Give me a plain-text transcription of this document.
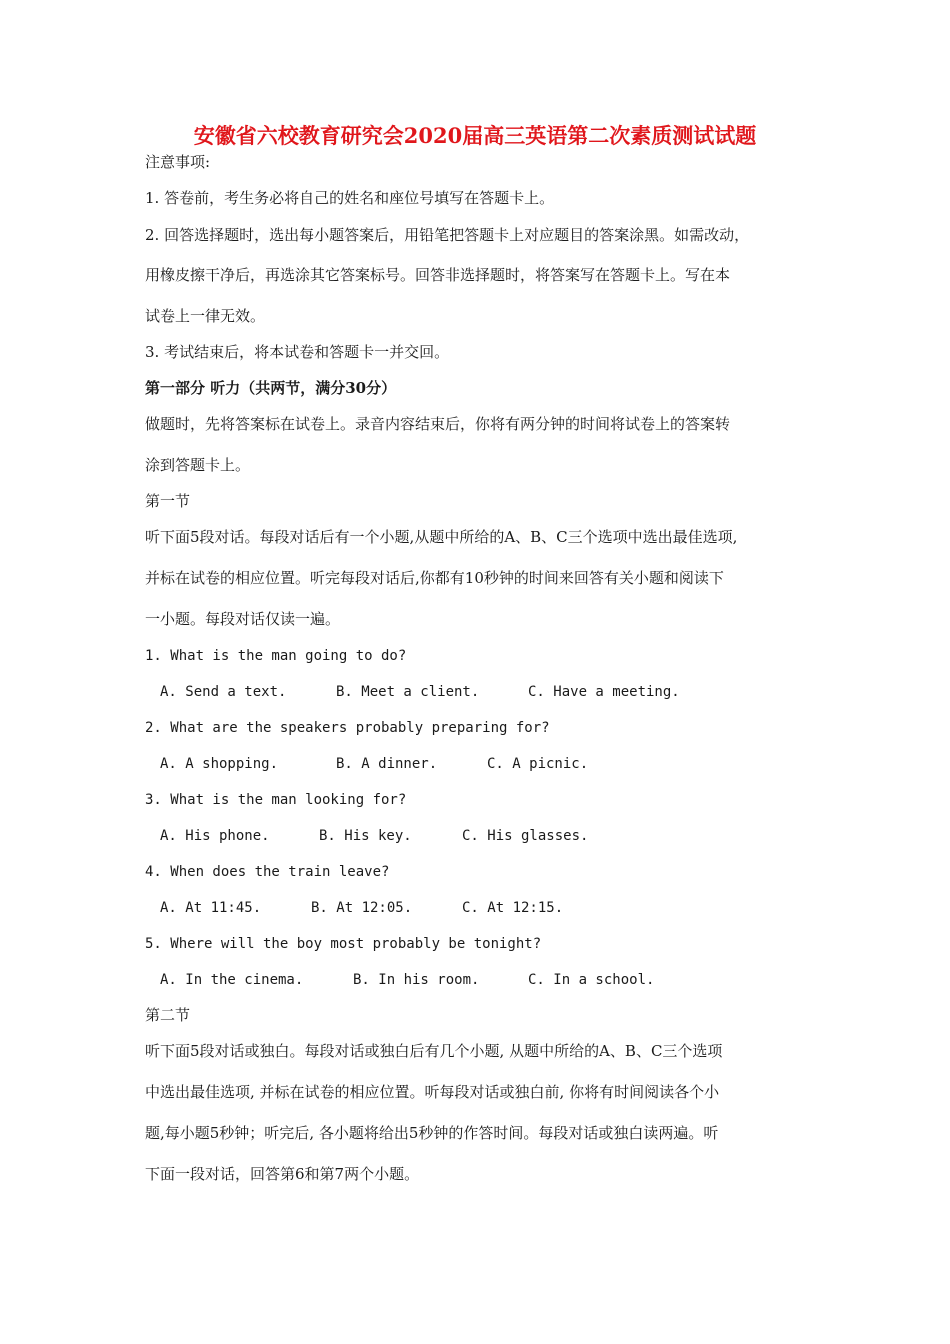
安徽省六校教育研究会2020届高三英语第二次素质测试试题
注意事项:
1. 答卷前，考生务必将自己的姓名和座位号填写在答题卡上。
2. 回答选择题时，选出每小题答案后，用铅笔把答题卡上对应题目的答案涂黑。如需改动，
用橡皮擦干净后，再选涂其它答案标号。回答非选择题时，将答案写在答题卡上。写在本
试卷上一律无效。
3. 考试结束后，将本试卷和答题卡一并交回。
第一部分 听力（共两节，满分30分）
做题时，先将答案标在试卷上。录音内容结束后，你将有两分钟的时间将试卷上的答案转
涂到答题卡上。
第一节
听下面5段对话。每段对话后有一个小题,从题中所给的A、B、C三个选项中选出最佳选项,
并标在试卷的相应位置。听完每段对话后,你都有10秒钟的时间来回答有关小题和阅读下
一小题。每段对话仅读一遍。
1. What is the man going to do?
A. Send a text.	B. Meet a client.	C. Have a meeting.
2. What are the speakers probably preparing for?
A. A shopping.	B. A dinner.	C. A picnic.
3. What is the man looking for?
A. His phone.	B. His key.	C. His glasses.
4. When does the train leave?
A. At 11:45.	B. At 12:05.	C. At 12:15.
5. Where will the boy most probably be tonight?
A. In the cinema.	B. In his room.	C. In a school.
第二节
听下面5段对话或独白。每段对话或独白后有几个小题, 从题中所给的A、B、C三个选项
中选出最佳选项, 并标在试卷的相应位置。听每段对话或独白前, 你将有时间阅读各个小
题,每小题5秒钟；听完后, 各小题将给出5秒钟的作答时间。每段对话或独白读两遍。听
下面一段对话，回答第6和第7两个小题。
